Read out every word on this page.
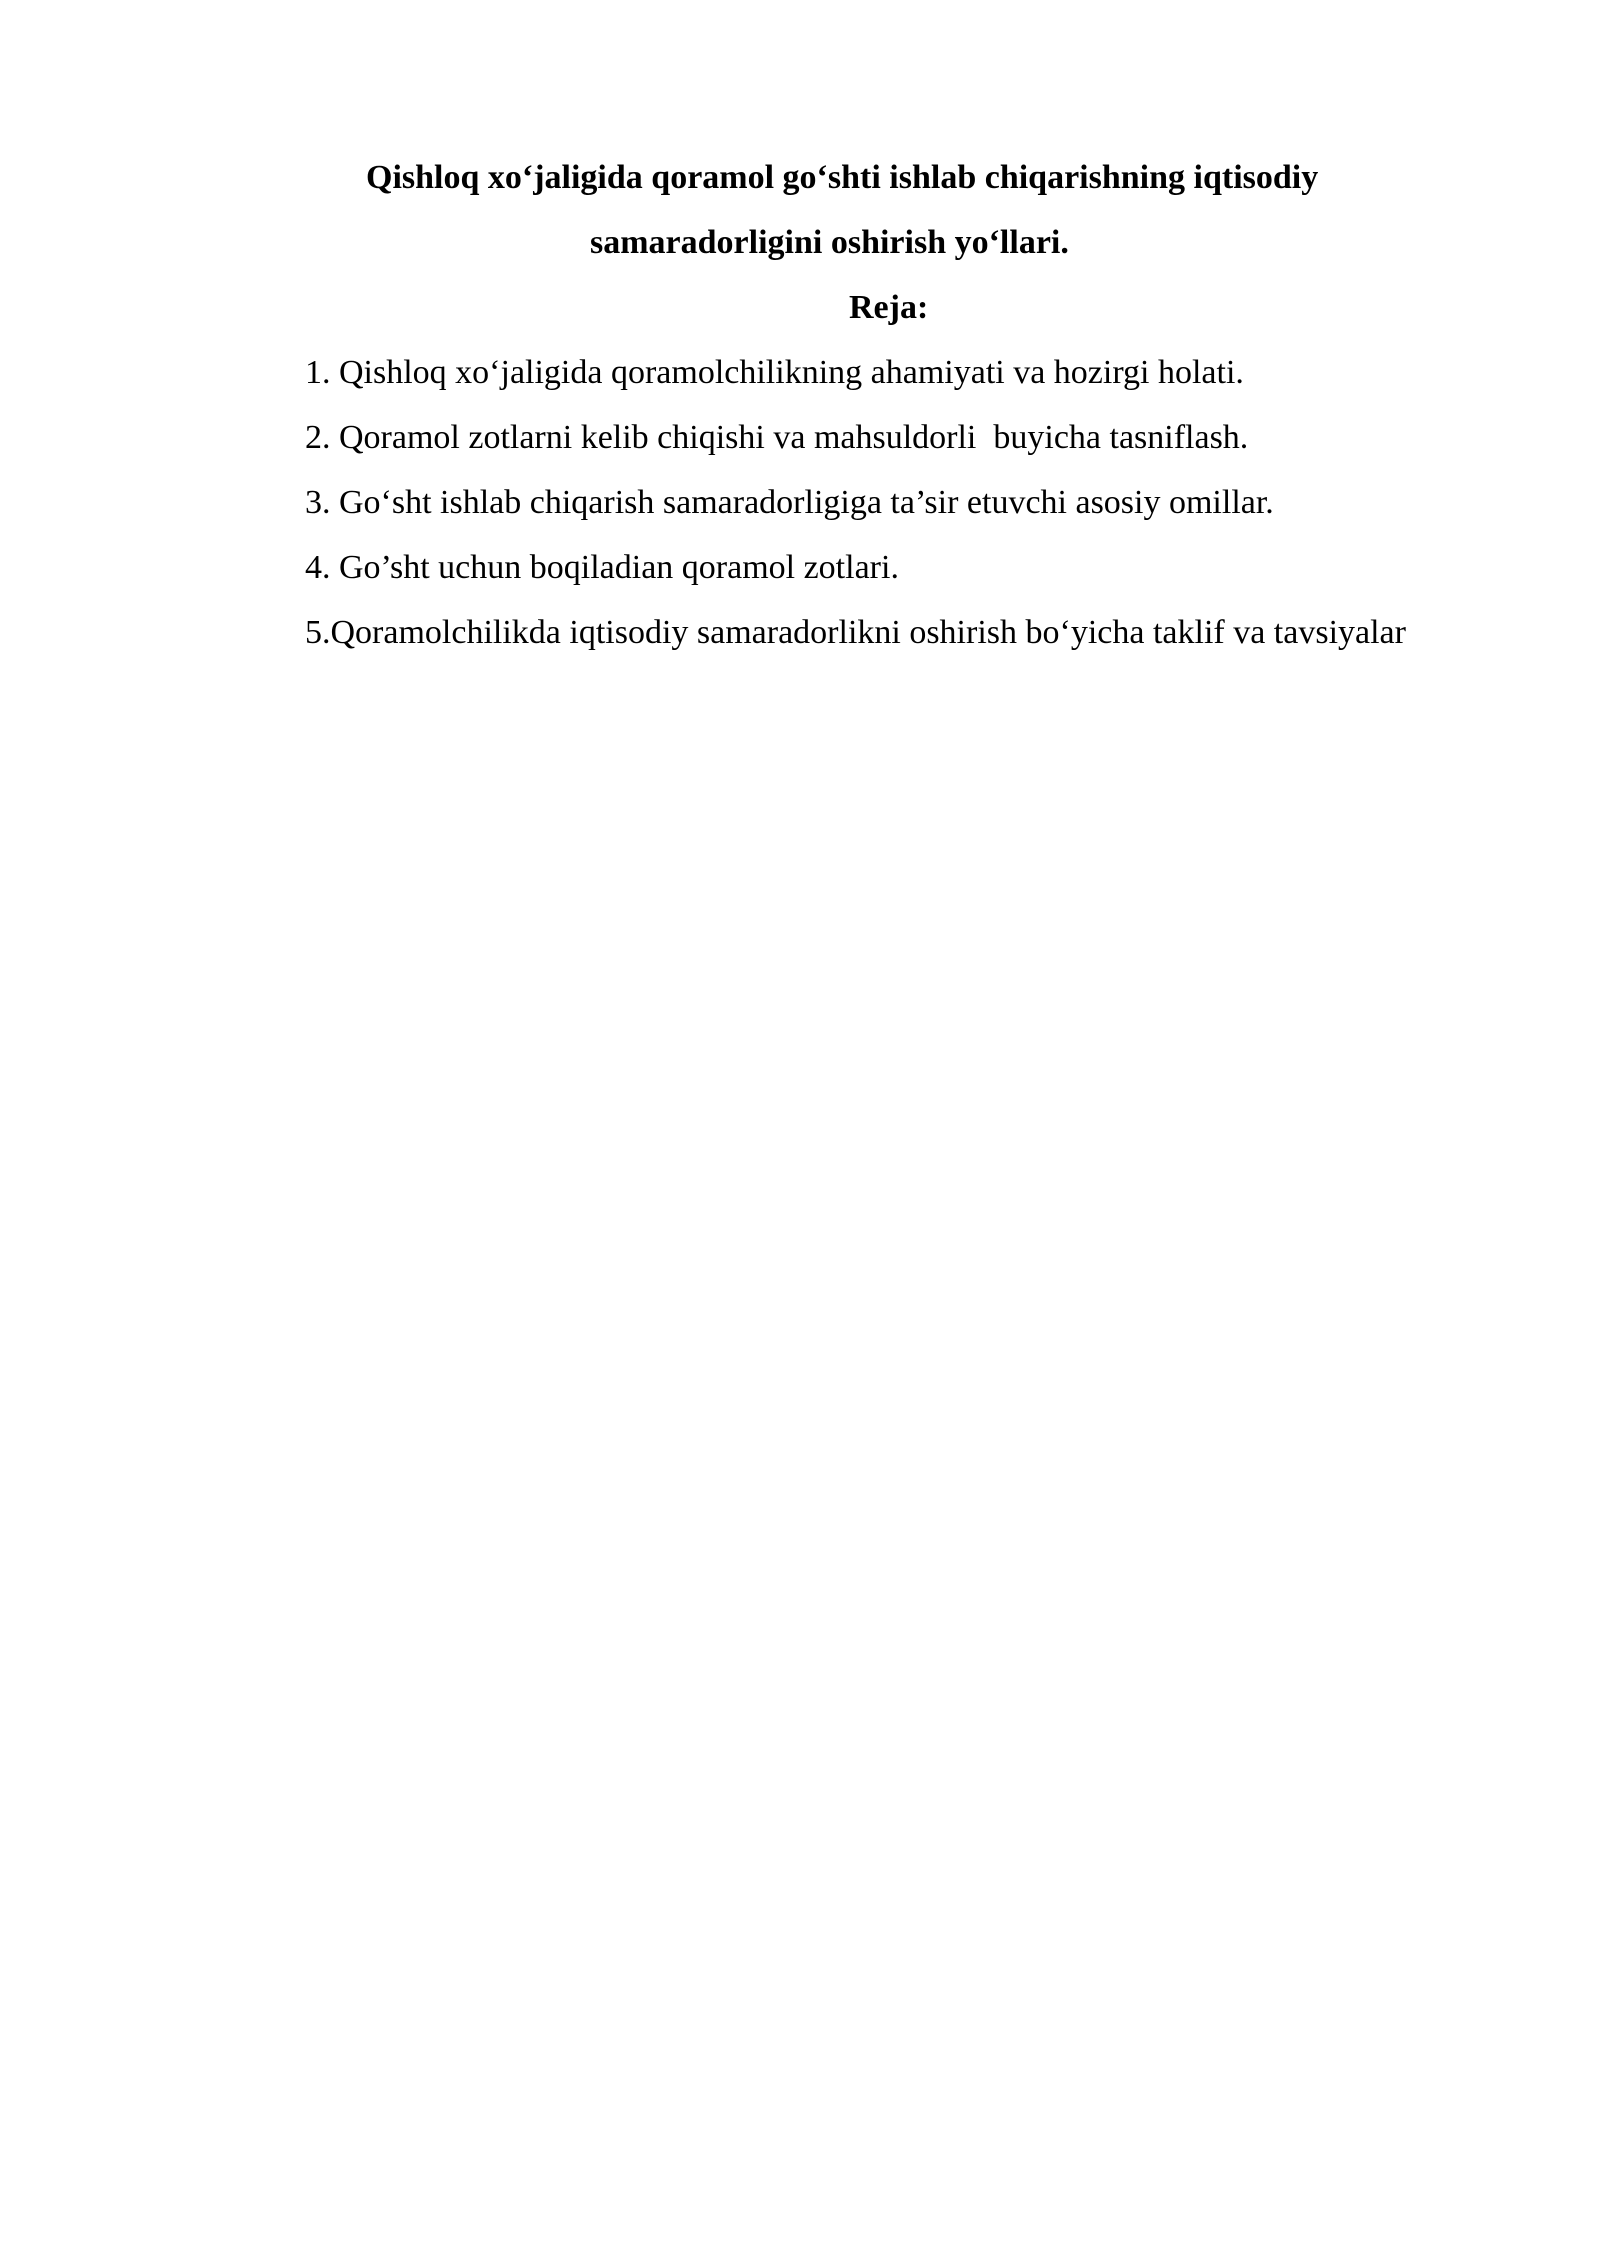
Qishloq xo‘jaligida qoramol go‘shti ishlab chiqarishning iqtisodiy

samaradorligini oshirish yo‘llari.

Reja:

1. Qishloq xo‘jaligida qoramolchilikning ahamiyati va hozirgi holati.
2. Qoramol zotlarni kelib chiqishi va mahsuldorli  buyicha tasniflash.
3. Go‘sht ishlab chiqarish samaradorligiga ta’sir etuvchi asosiy omillar.
4. Go’sht uchun boqiladian qoramol zotlari.
5.Qoramolchilikda iqtisodiy samaradorlikni oshirish bo‘yicha taklif va tavsiyalar
